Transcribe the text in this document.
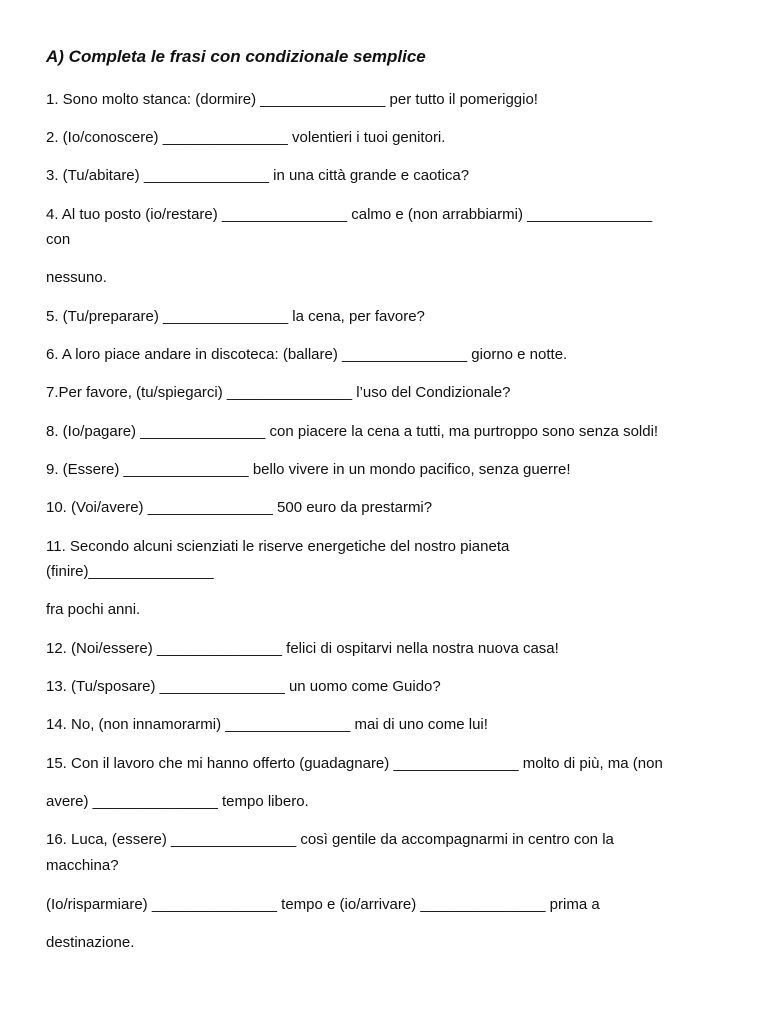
A) Completa le frasi con condizionale semplice
1. Sono molto stanca: (dormire) _______________ per tutto il pomeriggio!
2. (Io/conoscere) _______________ volentieri i tuoi genitori.
3. (Tu/abitare) _______________ in una città grande e caotica?
4. Al tuo posto (io/restare) _______________ calmo e (non arrabbiarmi) _______________
con
nessuno.
5. (Tu/preparare) _______________ la cena, per favore?
6. A loro piace andare in discoteca: (ballare) _______________ giorno e notte.
7.Per favore, (tu/spiegarci) _______________ l’uso del Condizionale?
8. (Io/pagare) _______________ con piacere la cena a tutti, ma purtroppo sono senza soldi!
9. (Essere) _______________ bello vivere in un mondo pacifico, senza guerre!
10. (Voi/avere) _______________ 500 euro da prestarmi?
11. Secondo alcuni scienziati le riserve energetiche del nostro pianeta
(finire)_______________
fra pochi anni.
12. (Noi/essere) _______________ felici di ospitarvi nella nostra nuova casa!
13. (Tu/sposare) _______________ un uomo come Guido?
14. No, (non innamorarmi) _______________ mai di uno come lui!
15. Con il lavoro che mi hanno offerto (guadagnare) _______________ molto di più, ma (non
avere) _______________ tempo libero.
16. Luca, (essere) _______________ così gentile da accompagnarmi in centro con la
macchina?
(Io/risparmiare) _______________ tempo e (io/arrivare) _______________ prima a
destinazione.
